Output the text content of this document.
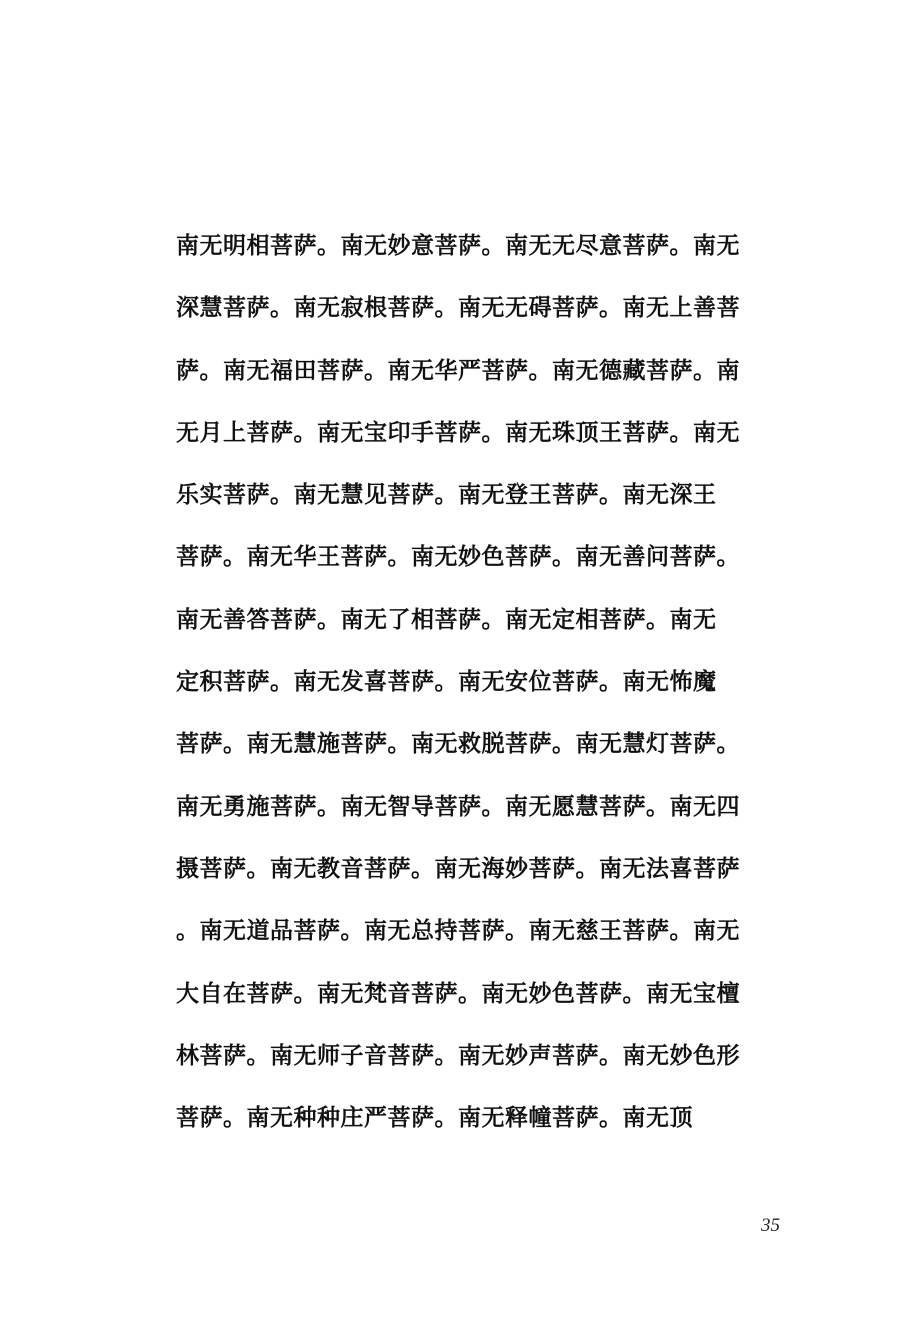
南无明相菩萨。南无妙意菩萨。南无无尽意菩萨。南无
深慧菩萨。南无寂根菩萨。南无无碍菩萨。南无上善菩
萨。南无福田菩萨。南无华严菩萨。南无德藏菩萨。南
无月上菩萨。南无宝印手菩萨。南无珠顶王菩萨。南无
乐实菩萨。南无慧见菩萨。南无登王菩萨。南无深王
菩萨。南无华王菩萨。南无妙色菩萨。南无善问菩萨。
南无善答菩萨。南无了相菩萨。南无定相菩萨。南无
定积菩萨。南无发喜菩萨。南无安位菩萨。南无怖魔
菩萨。南无慧施菩萨。南无救脱菩萨。南无慧灯菩萨。
南无勇施菩萨。南无智导菩萨。南无愿慧菩萨。南无四
摄菩萨。南无教音菩萨。南无海妙菩萨。南无法喜菩萨
。南无道品菩萨。南无总持菩萨。南无慈王菩萨。南无
大自在菩萨。南无梵音菩萨。南无妙色菩萨。南无宝檀
林菩萨。南无师子音菩萨。南无妙声菩萨。南无妙色形
菩萨。南无种种庄严菩萨。南无释幢菩萨。南无顶
35
